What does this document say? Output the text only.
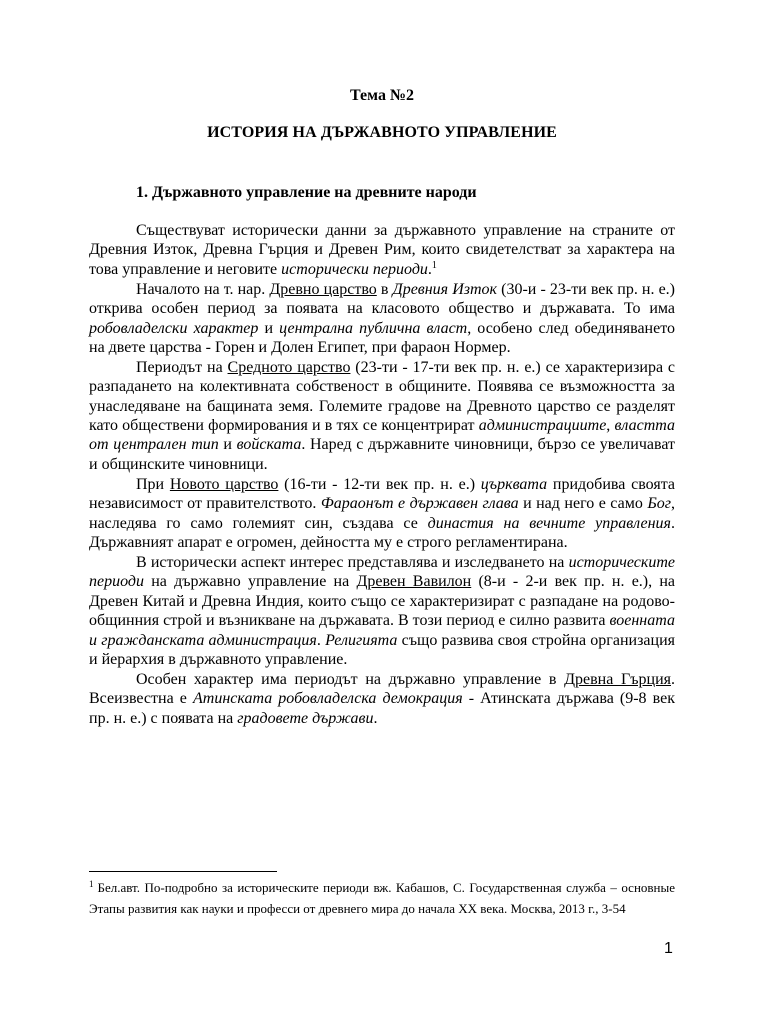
Тема №2

ИСТОРИЯ НА ДЪРЖАВНОТО УПРАВЛЕНИЕ

1. Държавното управление на древните народи

Съществуват исторически данни за държавното управление на страните от Древния Изток, Древна Гърция и Древен Рим, които свидетелстват за характера на това управление и неговите исторически периоди.$^1$

Началото на т. нар. Древно царство в Древния Изток (30-и - 23-ти век пр. н. е.) открива особен период за появата на класовото общество и държавата. То има робовладелски характер и централна публична власт, особено след обединяването на двете царства - Горен и Долен Египет, при фараон Нормер.

Периодът на Средното царство (23-ти - 17-ти век пр. н. е.) се характеризира с разпадането на колективната собственост в общините. Появява се възможността за унаследяване на бащината земя. Големите градове на Древното царство се разделят като обществени формирования и в тях се концентрират администрациите, властта от централен тип и войската. Наред с държавните чиновници, бързо се увеличават и общинските чиновници.

При Новото царство (16-ти - 12-ти век пр. н. е.) църквата придобива своята независимост от правителството. Фараонът е държавен глава и над него е само Бог, наследява го само големият син, създава се династия на вечните управления. Държавният апарат е огромен, дейността му е строго регламентирана.

В исторически аспект интерес представлява и изследването на историческите периоди на държавно управление на Древен Вавилон (8-и - 2-и век пр. н. е.), на Древен Китай и Древна Индия, които също се характеризират с разпадане на родово-общинния строй и възникване на държавата. В този период е силно развита военната и гражданската администрация. Религията също развива своя стройна организация и йерархия в държавното управление.

Особен характер има периодът на държавно управление в Древна Гърция. Всеизвестна е Атинската робовладелска демокрация - Атинската държава (9-8 век пр. н. е.) с появата на градовете държави.

$^1$ Бел.авт. По-подробно за историческите периоди вж. Кабашов, С. Государственная служба – основные Этапы развития как науки и професси от древнего мира до начала XX века. Москва, 2013 г., 3-54
1
